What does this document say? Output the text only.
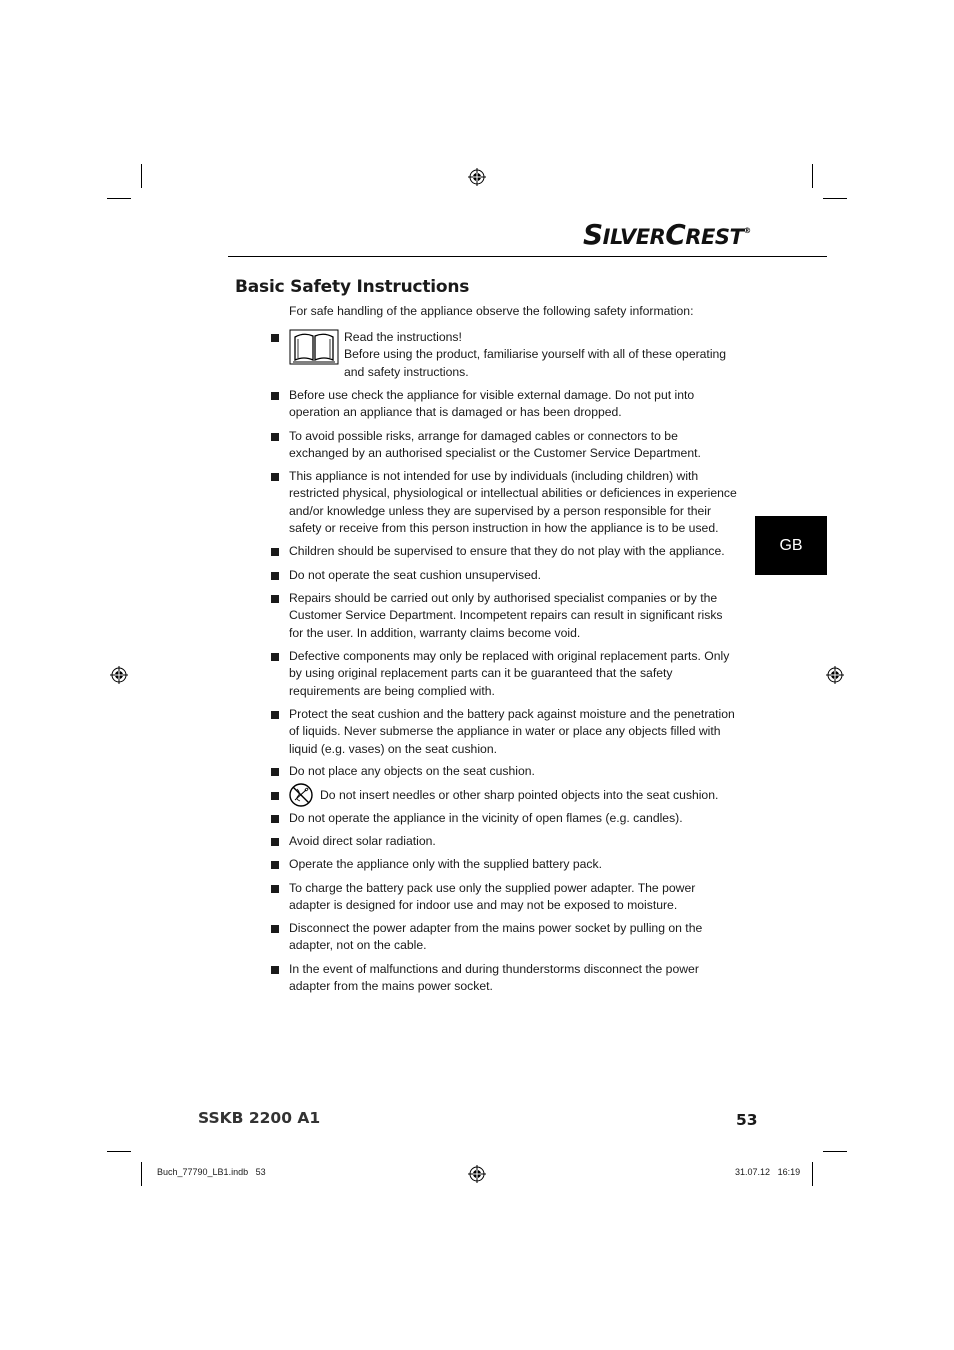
SILVERCREST®
Basic Safety Instructions
For safe handling of the appliance observe the following safety information:
GB
Read the instructions!
Before using the product, familiarise yourself with all of these operating
and safety instructions.
Before use check the appliance for visible external damage. Do not put into operation an appliance that is damaged or has been dropped.
To avoid possible risks, arrange for damaged cables or connectors to be exchanged by an authorised specialist or the Customer Service Department.
This appliance is not intended for use by individuals (including children) with restricted physical, physiological or intellectual abilities or deficiences in experience and/or knowledge unless they are supervised by a person responsible for their safety or receive from this person instruction in how the appliance is to be used.
Children should be supervised to ensure that they do not play with the appliance.
Do not operate the seat cushion unsupervised.
Repairs should be carried out only by authorised specialist companies or by the Customer Service Department. Incompetent repairs can result in significant risks for the user. In addition, warranty claims become void.
Defective components may only be replaced with original replacement parts. Only by using original replacement parts can it be guaranteed that the safety requirements are being complied with.
Protect the seat cushion and the battery pack against moisture and the penetration of liquids. Never submerse the appliance in water or place any objects filled with liquid (e.g. vases) on the seat cushion.
Do not place any objects on the seat cushion.
Do not insert needles or other sharp pointed objects into the seat cushion.
Do not operate the appliance in the vicinity of open flames (e.g. candles).
Avoid direct solar radiation.
Operate the appliance only with the supplied battery pack.
To charge the battery pack use only the supplied power adapter. The power adapter is designed for indoor use and may not be exposed to moisture.
Disconnect the power adapter from the mains power socket by pulling on the adapter, not on the cable.
In the event of malfunctions and during thunderstorms disconnect the power adapter from the mains power socket.
SSKB 2200 A1	53
Buch_77790_LB1.indb   53	31.07.12 16:19
